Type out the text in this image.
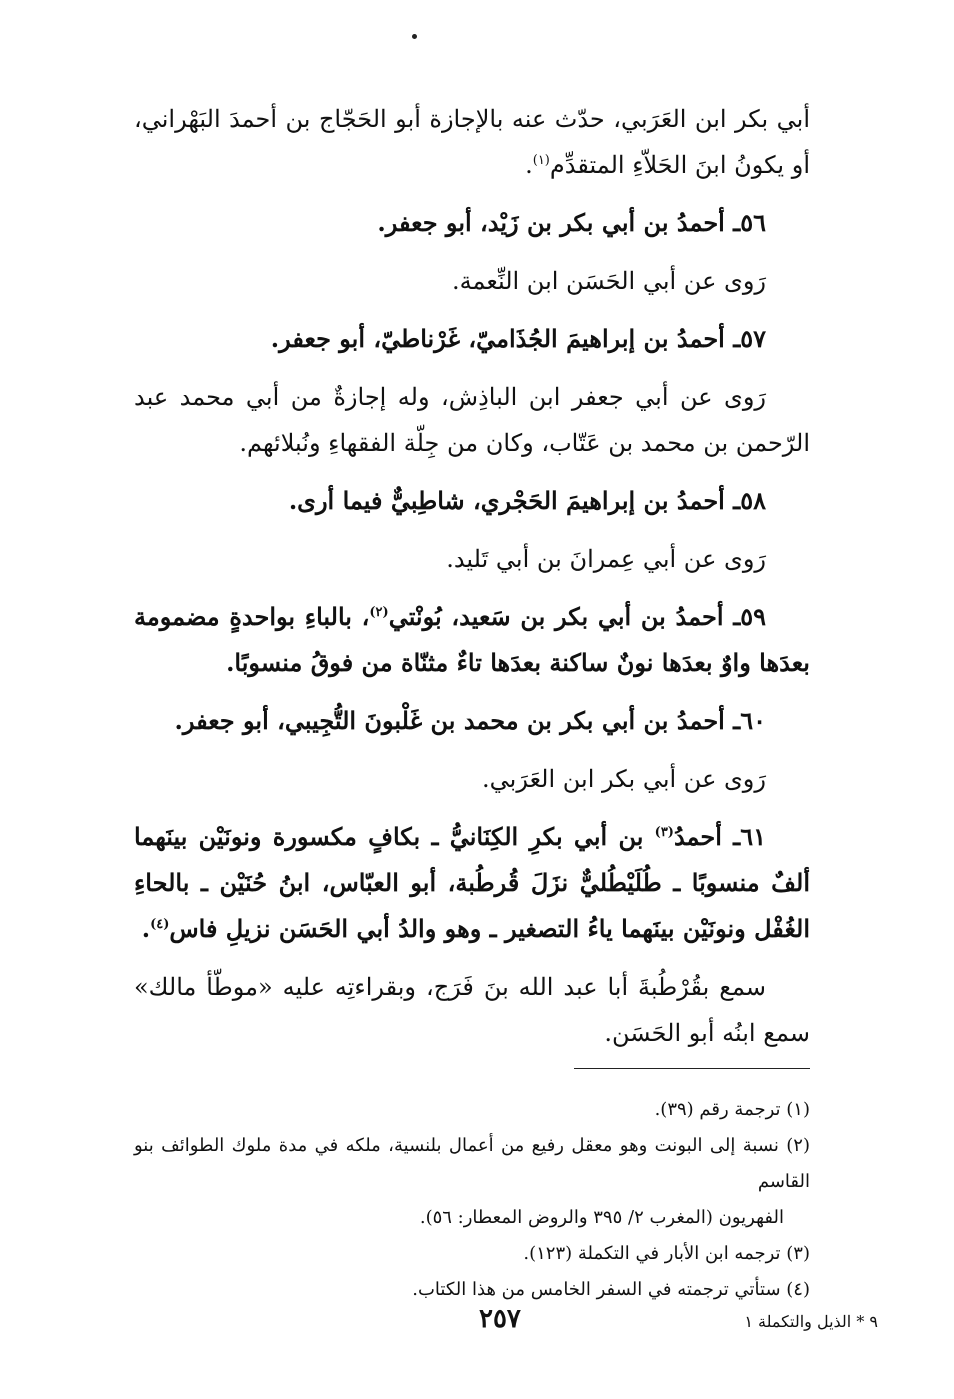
أبي بكر ابن العَرَبي، حدّث عنه بالإجازة أبو الحَجّاج بن أحمدَ البَهْراني، أو يكونُ ابنَ الحَلاّءِ المتقدِّم$^{(١)}$.

٥٦ـ أحمدُ بن أبي بكر بن زَيْد، أبو جعفر.

رَوى عن أبي الحَسَن ابن النِّعمة.

٥٧ـ أحمدُ بن إبراهيمَ الجُذَاميّ، غَرْناطيّ، أبو جعفر.

رَوى عن أبي جعفر ابن الباذِش، وله إجازةٌ من أبي محمد عبد الرّحمن بن محمد بن عَتّاب، وكان من جِلّة الفقهاءِ ونُبلائهم.

٥٨ـ أحمدُ بن إبراهيمَ الحَجْري، شاطِبيٌّ فيما أرى.

رَوى عن أبي عِمرانَ بن أبي تَليد.

٥٩ـ أحمدُ بن أبي بكر بن سَعيد، بُونْتي$^{(٢)}$، بالباءِ بواحدةٍ مضمومة بعدَها واوٌ بعدَها نونٌ ساكنة بعدَها تاءٌ مثنّاة من فوقُ منسوبًا.

٦٠ـ أحمدُ بن أبي بكر بن محمد بن غَلْبونَ التُّجِيبي، أبو جعفر.

رَوى عن أبي بكر ابن العَرَبي.

٦١ـ أحمدُ$^{(٣)}$ بن أبي بكرِ الكِنَانيُّ ـ بكافٍ مكسورة ونونَيْن بينَهما ألفٌ منسوبًا ـ طُلَيْطُليٌّ نزَلَ قُرطُبة، أبو العبّاس، ابنُ حُنَيْن ـ بالحاءِ الغُفْل ونونَيْن بينَهما ياءُ التصغير ـ وهو والدُ أبي الحَسَن نزيلِ فاس$^{(٤)}$.

سمع بقُرْطُبةَ أبا عبد الله بنَ فَرَج، وبقراءتِه عليه «موطّأ مالك» سمع ابنُه أبو الحَسَن.

(١) ترجمة رقم (٣٩).

(٢) نسبة إلى البونت وهو معقل رفيع من أعمال بلنسية، ملكه في مدة ملوك الطوائف بنو القاسم

الفهريون (المغرب ٢/ ٣٩٥ والروض المعطار: ٥٦).

(٣) ترجمه ابن الأبار في التكملة (١٢٣).

(٤) ستأتي ترجمته في السفر الخامس من هذا الكتاب.

٩ * الذيل والتكملة ١
٢٥٧
